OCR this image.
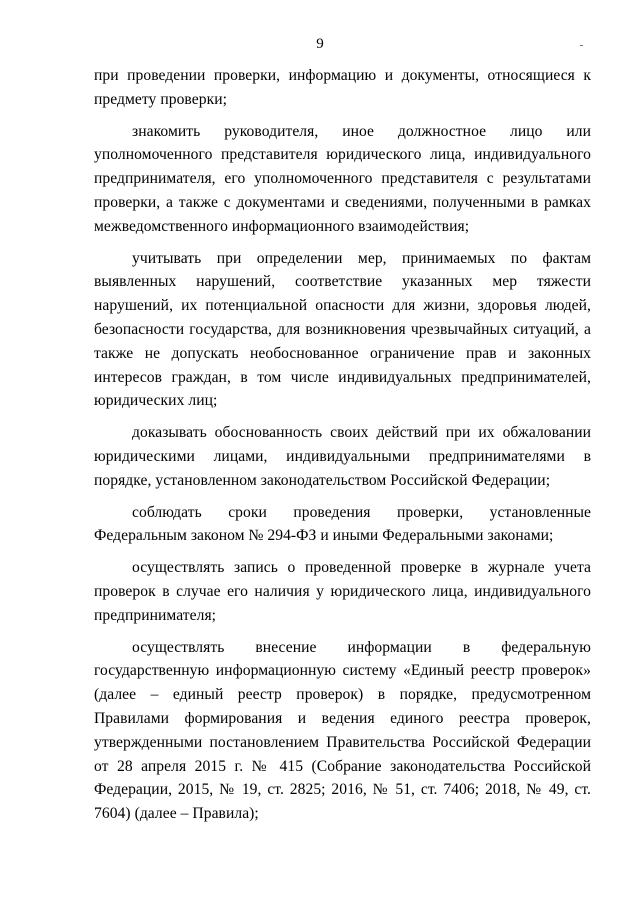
9

при проведении проверки, информацию и документы, относящиеся к предмету проверки;

знакомить руководителя, иное должностное лицо или уполномоченного представителя юридического лица, индивидуального предпринимателя, его уполномоченного представителя с результатами проверки, а также с документами и сведениями, полученными в рамках межведомственного информационного взаимодействия;

учитывать при определении мер, принимаемых по фактам выявленных нарушений, соответствие указанных мер тяжести нарушений, их потенциальной опасности для жизни, здоровья людей, безопасности государства, для возникновения чрезвычайных ситуаций, а также не допускать необоснованное ограничение прав и законных интересов граждан, в том числе индивидуальных предпринимателей, юридических лиц;

доказывать обоснованность своих действий при их обжаловании юридическими лицами, индивидуальными предпринимателями в порядке, установленном законодательством Российской Федерации;

соблюдать сроки проведения проверки, установленные Федеральным законом № 294-ФЗ и иными Федеральными законами;

осуществлять запись о проведенной проверке в журнале учета проверок в случае его наличия у юридического лица, индивидуального предпринимателя;

осуществлять внесение информации в федеральную государственную информационную систему «Единый реестр проверок» (далее – единый реестр проверок) в порядке, предусмотренном Правилами формирования и ведения единого реестра проверок, утвержденными постановлением Правительства Российской Федерации от 28 апреля 2015 г. № 415 (Собрание законодательства Российской Федерации, 2015, № 19, ст. 2825; 2016, № 51, ст. 7406; 2018, № 49, ст. 7604) (далее – Правила);
